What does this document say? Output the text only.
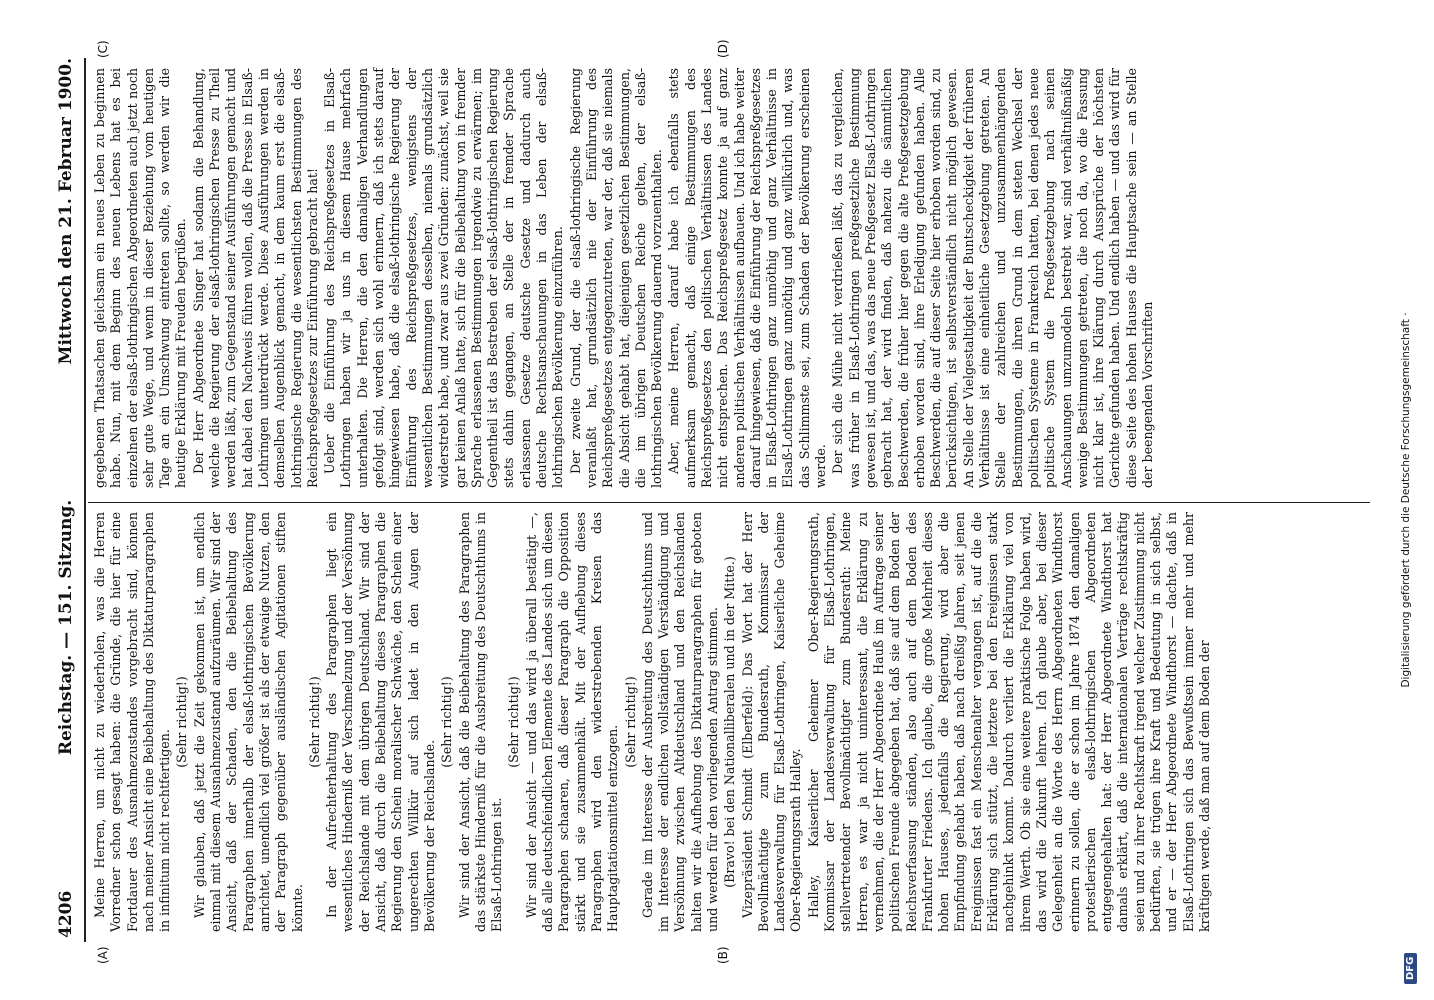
4206
Reichstag. — 151. Sitzung.
Mittwoch den 21. Februar 1900.
(A)	(B)
(C)	(D)

Meine Herren, um nicht zu wiederholen, was die Herren Vorredner schon gesagt haben: die Gründe, die hier für eine Fortdauer des Ausnahmezustandes vorgebracht sind, können nach meiner Ansicht eine Beibehaltung des Diktaturparagraphen in infinitum nicht rechtfertigen.

(Sehr richtig!) Wir glauben, daß jetzt die Zeit gekommen ist, um endlich einmal mit diesem Ausnahmezustand aufzuräumen. Wir sind der Ansicht, daß der Schaden, den die Beibehaltung des Paragraphen innerhalb der elsaß-lothringischen Bevölkerung anrichtet, unendlich viel größer ist als der etwaige Nutzen, den der Paragraph gegenüber ausländischen Agitationen stiften könnte.

(Sehr richtig!) In der Aufrechterhaltung des Paragraphen liegt ein wesentliches Hinderniß der Verschmelzung und der Versöhnung der Reichslande mit dem übrigen Deutschland. Wir sind der Ansicht, daß durch die Beibehaltung dieses Paragraphen die Regierung den Schein moralischer Schwäche, den Schein einer ungerechten Willkür auf sich ladet in den Augen der Bevölkerung der Reichslande.

(Sehr richtig!) Wir sind der Ansicht, daß die Beibehaltung des Paragraphen das stärkste Hinderniß für die Ausbreitung des Deutschthums in Elsaß-Lothringen ist.

(Sehr richtig!) Wir sind der Ansicht — und das wird ja überall bestätigt —, daß alle deutschfeindlichen Elemente des Landes sich um diesen Paragraphen schaaren, daß dieser Paragraph die Opposition stärkt und sie zusammenhält. Mit der Aufhebung dieses Paragraphen wird den widerstrebenden Kreisen das Hauptagitationsmittel entzogen.

(Sehr richtig!) Gerade im Interesse der Ausbreitung des Deutschthums und im Interesse der endlichen vollständigen Verständigung und Versöhnung zwischen Altdeutschland und den Reichslanden halten wir die Aufhebung des Diktaturparagraphen für geboten und werden für den vorliegenden Antrag stimmen. (Bravo! bei den Nationalliberalen und in der Mitte.) Vizepräsident Schmidt (Elberfeld): Das Wort hat der Herr Bevollmächtigte zum Bundesrath, Kommissar der Landesverwaltung für Elsaß-Lothringen, Kaiserliche Geheime Ober-Regierungsrath Halley. Halley, Kaiserlicher Geheimer Ober-Regierungsrath, Kommissar der Landesverwaltung für Elsaß-Lothringen, stellvertretender Bevollmächtigter zum Bundesrath: Meine Herren, es war ja nicht uninteressant, die Erklärung zu vernehmen, die der Herr Abgeordnete Hauß im Auftrage seiner politischen Freunde abgegeben hat, daß sie auf dem Boden der Reichsverfassung ständen, also auch auf dem Boden des Frankfurter Friedens. Ich glaube, die große Mehrheit dieses hohen Hauses, jedenfalls die Regierung, wird aber die Empfindung gehabt haben, daß nach dreißig Jahren, seit jenen Ereignissen fast ein Menschenalter vergangen ist, auf die die Erklärung sich stützt, die letztere bei den Ereignissen stark nachgehinkt kommt. Dadurch verliert die Erklärung viel von ihrem Werth. Ob sie eine weitere praktische Folge haben wird, das wird die Zukunft lehren. Ich glaube aber, bei dieser Gelegenheit an die Worte des Herrn Abgeordneten Windthorst erinnern zu sollen, die er schon im Jahre 1874 den damaligen protestlerischen elsaß-lothringischen Abgeordneten entgegengehalten hat: der Herr Abgeordnete Windthorst hat damals erklärt, daß die internationalen Verträge rechtskräftig seien und zu ihrer Rechtskraft irgend welcher Zustimmung nicht bedürften, sie trügen ihre Kraft und Bedeutung in sich selbst, und er — der Herr Abgeordnete Windthorst — dachte, daß in Elsaß-Lothringen sich das Bewußtsein immer mehr und mehr kräftigen werde, daß man auf dem Boden der

gegebenen Thatsachen gleichsam ein neues Leben zu beginnen habe. Nun, mit dem Beginn des neuen Lebens hat es bei einzelnen der elsaß-lothringischen Abgeordneten auch jetzt noch sehr gute Wege, und wenn in dieser Beziehung vom heutigen Tage an ein Umschwung eintreten sollte, so werden wir die heutige Erklärung mit Freuden begrüßen. Der Herr Abgeordnete Singer hat sodann die Behandlung, welche die Regierung der elsaß-lothringischen Presse zu Theil werden läßt, zum Gegenstand seiner Ausführungen gemacht und hat dabei den Nachweis führen wollen, daß die Presse in Elsaß-Lothringen unterdrückt werde. Diese Ausführungen werden in demselben Augenblick gemacht, in dem kaum erst die elsaß-lothringische Regierung die wesentlichsten Bestimmungen des Reichspreßgesetzes zur Einführung gebracht hat! Ueber die Einführung des Reichspreßgesetzes in Elsaß-Lothringen haben wir ja uns in diesem Hause mehrfach unterhalten. Die Herren, die den damaligen Verhandlungen gefolgt sind, werden sich wohl erinnern, daß ich stets darauf hingewiesen habe, daß die elsaß-lothringische Regierung der Einführung des Reichspreßgesetzes, wenigstens der wesentlichen Bestimmungen desselben, niemals grundsätzlich widerstrebt habe, und zwar aus zwei Gründen: zunächst, weil sie gar keinen Anlaß hatte, sich für die Beibehaltung von in fremder Sprache erlassenen Bestimmungen irgendwie zu erwärmen; im Gegentheil ist das Bestreben der elsaß-lothringischen Regierung stets dahin gegangen, an Stelle der in fremder Sprache erlassenen Gesetze deutsche Gesetze und dadurch auch deutsche Rechtsanschauungen in das Leben der elsaß-lothringischen Bevölkerung einzuführen. Der zweite Grund, der die elsaß-lothringische Regierung veranlaßt hat, grundsätzlich nie der Einführung des Reichspreßgesetzes entgegenzutreten, war der, daß sie niemals die Absicht gehabt hat, diejenigen gesetzlichen Bestimmungen, die im übrigen Deutschen Reiche gelten, der elsaß-lothringischen Bevölkerung dauernd vorzuenthalten. Aber, meine Herren, darauf habe ich ebenfalls stets aufmerksam gemacht, daß einige Bestimmungen des Reichspreßgesetzes den politischen Verhältnissen des Landes nicht entsprechen. Das Reichspreßgesetz konnte ja auf ganz anderen politischen Verhältnissen aufbauen. Und ich habe weiter darauf hingewiesen, daß die Einführung der Reichspreßgesetzes in Elsaß-Lothringen ganz unnöthig und ganz Verhältnisse in Elsaß-Lothringen ganz unnöthig und ganz willkürlich und, was das Schlimmste sei, zum Schaden der Bevölkerung erscheinen werde. Der sich die Mühe nicht verdrießen läßt, das zu vergleichen, was früher in Elsaß-Lothringen preßgesetzliche Bestimmung gewesen ist, und das, was das neue Preßgesetz Elsaß-Lothringen gebracht hat, der wird finden, daß nahezu die sämmtlichen Beschwerden, die früher hier gegen die alte Preßgesetzgebung erhoben worden sind, ihre Erledigung gefunden haben. Alle Beschwerden, die auf dieser Seite hier erhoben worden sind, zu berücksichtigen, ist selbstverständlich nicht möglich gewesen. An Stelle der Vielgestaltigkeit der Buntscheckigkeit der früheren Verhältnisse ist eine einheitliche Gesetzgebung getreten. An Stelle der zahlreichen und unzusammenhängenden Bestimmungen, die ihren Grund in dem steten Wechsel der politischen Systeme in Frankreich hatten, bei denen jedes neue politische System die Preßgesetzgebung nach seinen Anschauungen umzumodeln bestrebt war, sind verhältnißmäßig wenige Bestimmungen getreten, die noch da, wo die Fassung nicht klar ist, ihre Klärung durch Aussprüche der höchsten Gerichte gefunden haben. Und endlich haben — und das wird für diese Seite des hohen Hauses die Hauptsache sein — an Stelle der beengenden Vorschriften	Digitalisierung gefördert durch die Deutsche Forschungsgemeinschaft ·
DFG
